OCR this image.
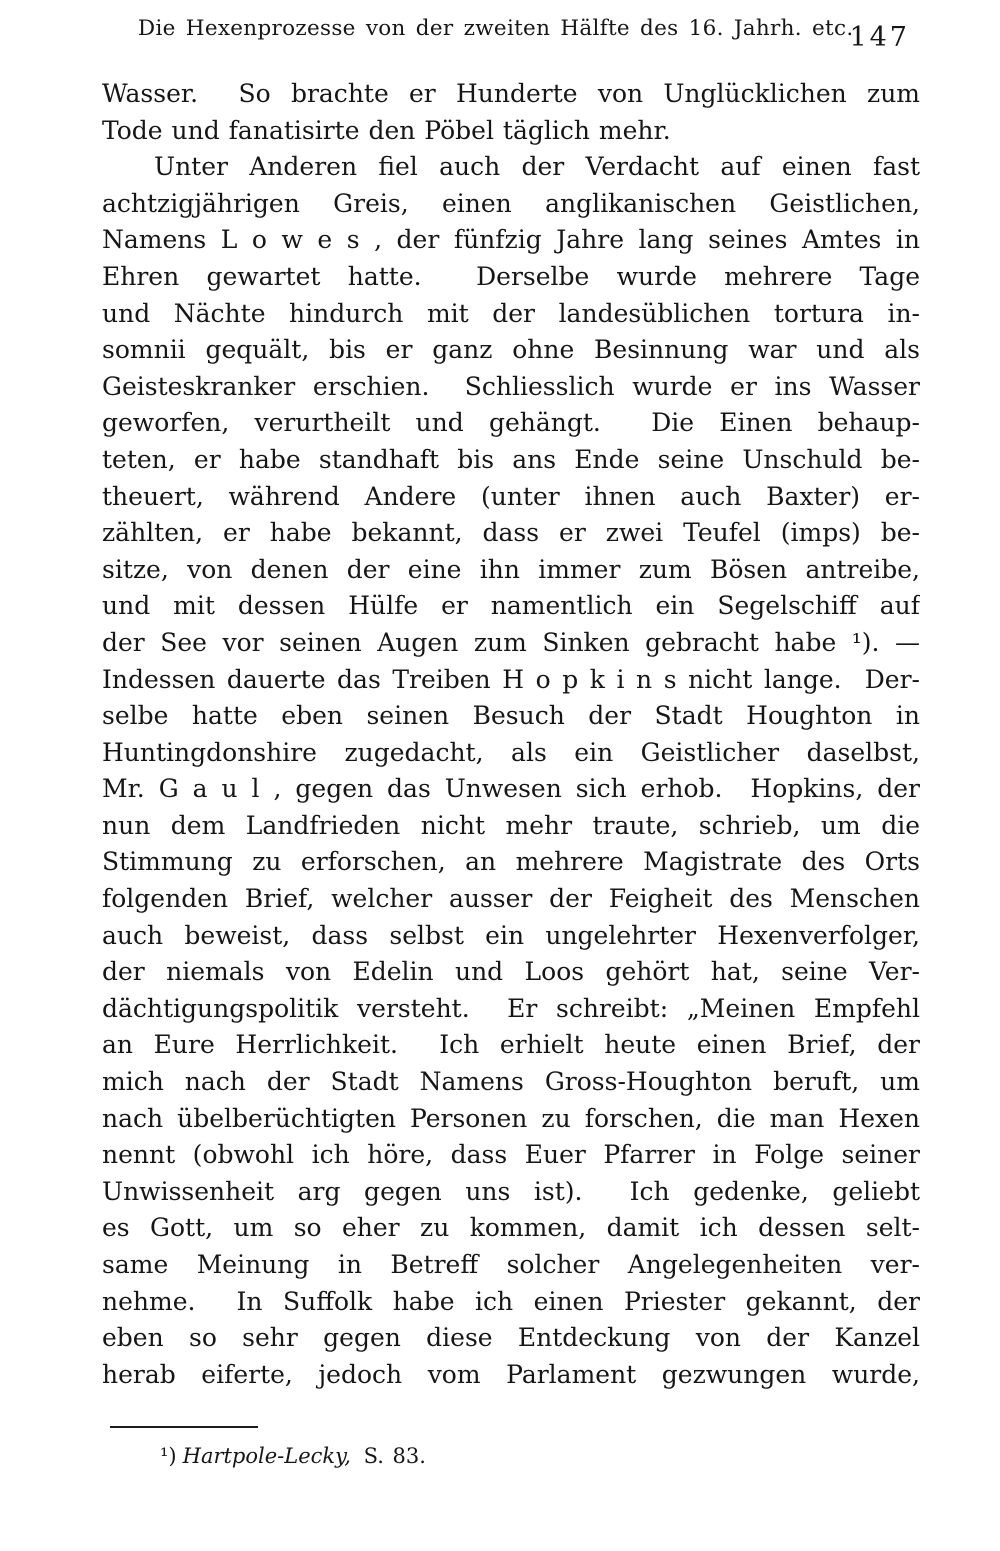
Die Hexenprozesse von der zweiten Hälfte des 16. Jahrh. etc.
147
Wasser.  So brachte er Hunderte von Unglücklichen zum
Tode und fanatisirte den Pöbel täglich mehr.
Unter Anderen fiel auch der Verdacht auf einen fast
achtzigjährigen Greis, einen anglikanischen Geistlichen,
Namens L o w e s , der fünfzig Jahre lang seines Amtes in
Ehren gewartet hatte.  Derselbe wurde mehrere Tage
und Nächte hindurch mit der landesüblichen tortura in-
somnii gequält, bis er ganz ohne Besinnung war und als
Geisteskranker erschien.  Schliesslich wurde er ins Wasser
geworfen, verurtheilt und gehängt.  Die Einen behaup-
teten, er habe standhaft bis ans Ende seine Unschuld be-
theuert, während Andere (unter ihnen auch Baxter) er-
zählten, er habe bekannt, dass er zwei Teufel (imps) be-
sitze, von denen der eine ihn immer zum Bösen antreibe,
und mit dessen Hülfe er namentlich ein Segelschiff auf
der See vor seinen Augen zum Sinken gebracht habe ¹). —
Indessen dauerte das Treiben H o p k i n s nicht lange.  Der-
selbe hatte eben seinen Besuch der Stadt Houghton in
Huntingdonshire zugedacht, als ein Geistlicher daselbst,
Mr. G a u l , gegen das Unwesen sich erhob.  Hopkins, der
nun dem Landfrieden nicht mehr traute, schrieb, um die
Stimmung zu erforschen, an mehrere Magistrate des Orts
folgenden Brief, welcher ausser der Feigheit des Menschen
auch beweist, dass selbst ein ungelehrter Hexenverfolger,
der niemals von Edelin und Loos gehört hat, seine Ver-
dächtigungspolitik versteht.  Er schreibt: „Meinen Empfehl
an Eure Herrlichkeit.  Ich erhielt heute einen Brief, der
mich nach der Stadt Namens Gross-Houghton beruft, um
nach übelberüchtigten Personen zu forschen, die man Hexen
nennt (obwohl ich höre, dass Euer Pfarrer in Folge seiner
Unwissenheit arg gegen uns ist).  Ich gedenke, geliebt
es Gott, um so eher zu kommen, damit ich dessen selt-
same Meinung in Betreff solcher Angelegenheiten ver-
nehme.  In Suffolk habe ich einen Priester gekannt, der
eben so sehr gegen diese Entdeckung von der Kanzel
herab eiferte, jedoch vom Parlament gezwungen wurde,
¹) Hartpole-Lecky, S. 83.
